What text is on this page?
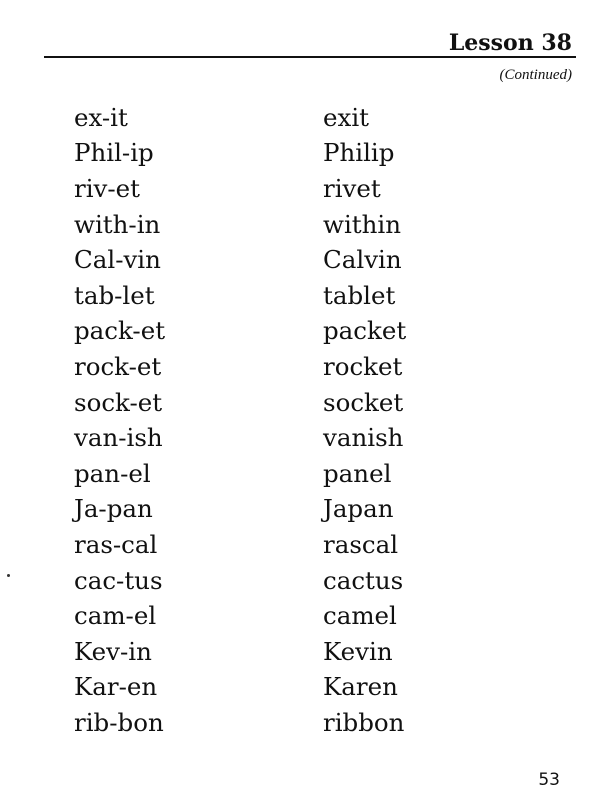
Lesson 38
(Continued)
ex-it	exit
Phil-ip	Philip
riv-et	rivet
with-in	within
Cal-vin	Calvin
tab-let	tablet
pack-et	packet
rock-et	rocket
sock-et	socket
van-ish	vanish
pan-el	panel
Ja-pan	Japan
ras-cal	rascal
cac-tus	cactus
cam-el	camel
Kev-in	Kevin
Kar-en	Karen
rib-bon	ribbon
53
